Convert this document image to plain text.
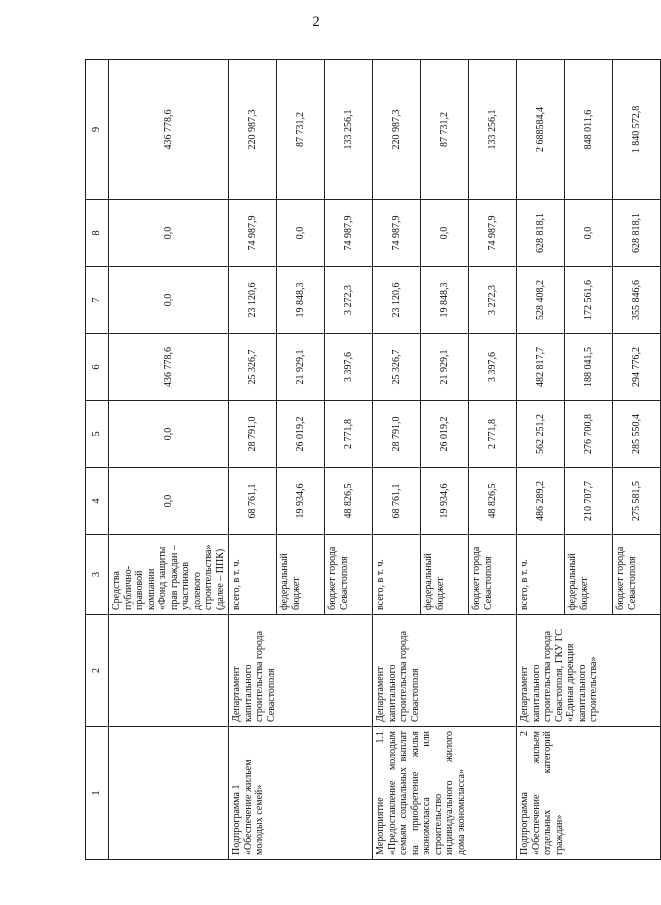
2
1	2	3	4	5	6	7	8	9
		Средства публично-правовой компании «Фонд защиты прав граждан – участников долевого строительства» (далее – ППК)	0,0	0,0	436 778,6	0,0	0,0	436 778,6
Подпрограмма 1 «Обеспечение жильем молодых семей»	Департамент капитального строительства города Севастополя	всего, в т. ч.	68 761,1	28 791,0	25 326,7	23 120,6	74 987,9	220 987,3
		федеральный бюджет	19 934,6	26 019,2	21 929,1	19 848,3	0,0	87 731,2
		бюджет города Севастополя	48 826,5	2 771,8	3 397,6	3 272,3	74 987,9	133 256,1
Мероприятие 1.1 «Предоставление молодым семьям социальных выплат на приобретение жилья экономкласса или строительство индивидуального жилого дома экономкласса»	Департамент капитального строительства города Севастополя	всего, в т. ч.	68 761,1	28 791,0	25 326,7	23 120,6	74 987,9	220 987,3
		федеральный бюджет	19 934,6	26 019,2	21 929,1	19 848,3	0,0	87 731,2
		бюджет города Севастополя	48 826,5	2 771,8	3 397,6	3 272,3	74 987,9	133 256,1
Подпрограмма 2 «Обеспечение жильем отдельных категорий граждан»	Департамент капитального строительства города Севастополя, ГКУ ГС «Единая дирекция капитального строительства»	всего, в т. ч.	486 289,2	562 251,2	482 817,7	528 408,2	628 818,1	2 688584,4
		федеральный бюджет	210 707,7	276 700,8	188 041,5	172 561,6	0,0	848 011,6
		бюджет города Севастополя	275 581,5	285 550,4	294 776,2	355 846,6	628 818,1	1 840 572,8
